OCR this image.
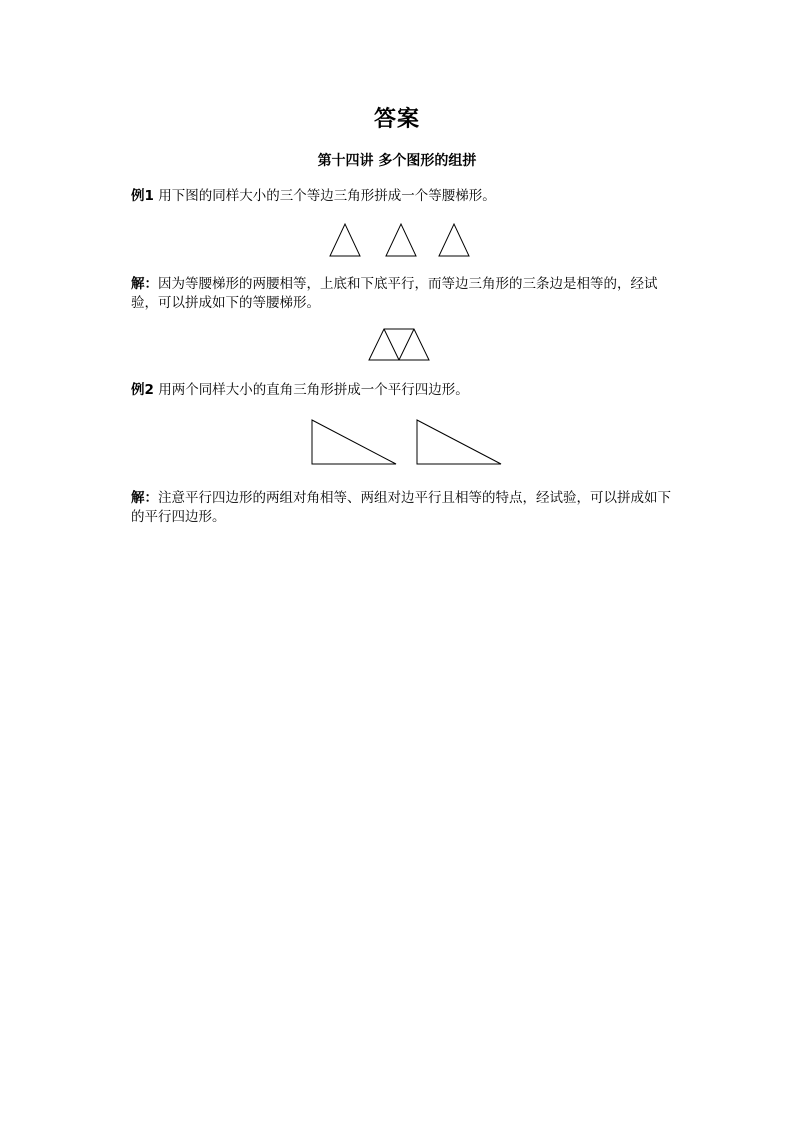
答案
第十四讲 多个图形的组拼
例1 用下图的同样大小的三个等边三角形拼成一个等腰梯形。
解：因为等腰梯形的两腰相等，上底和下底平行，而等边三角形的三条边是相等的，经试验，可以拼成如下的等腰梯形。
例2 用两个同样大小的直角三角形拼成一个平行四边形。
解：注意平行四边形的两组对角相等、两组对边平行且相等的特点，经试验，可以拼成如下的平行四边形。
